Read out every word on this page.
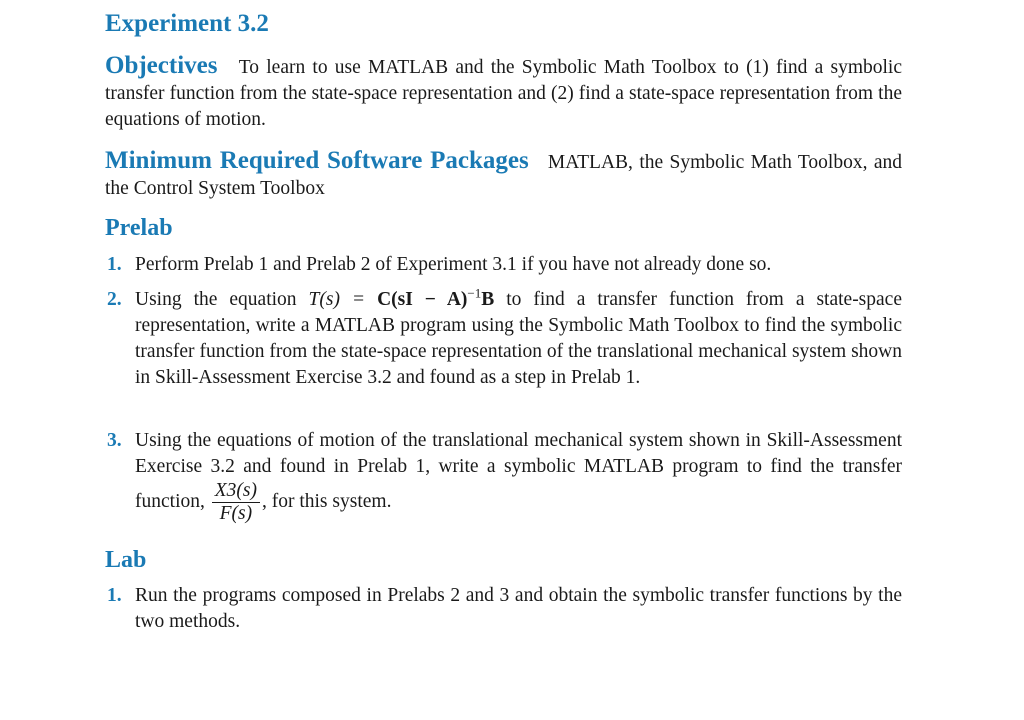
Experiment 3.2
Objectives To learn to use MATLAB and the Symbolic Math Toolbox to (1) find a symbolic transfer function from the state-space representation and (2) find a state-space representation from the equations of motion.
Minimum Required Software Packages MATLAB, the Symbolic Math Toolbox, and the Control System Toolbox
Prelab
1. Perform Prelab 1 and Prelab 2 of Experiment 3.1 if you have not already done so.
2. Using the equation T(s) = C(sI − A)$^{-1}$B to find a transfer function from a state-space representation, write a MATLAB program using the Symbolic Math Toolbox to find the symbolic transfer function from the state-space representation of the translational mechanical system shown in Skill-Assessment Exercise 3.2 and found as a step in Prelab 1.
3. Using the equations of motion of the translational mechanical system shown in Skill-Assessment Exercise 3.2 and found in Prelab 1, write a symbolic MATLAB program to find the transfer function, $\frac{X3(s)}{F(s)}$ , for this system.
Lab
1. Run the programs composed in Prelabs 2 and 3 and obtain the symbolic transfer functions by the two methods.
